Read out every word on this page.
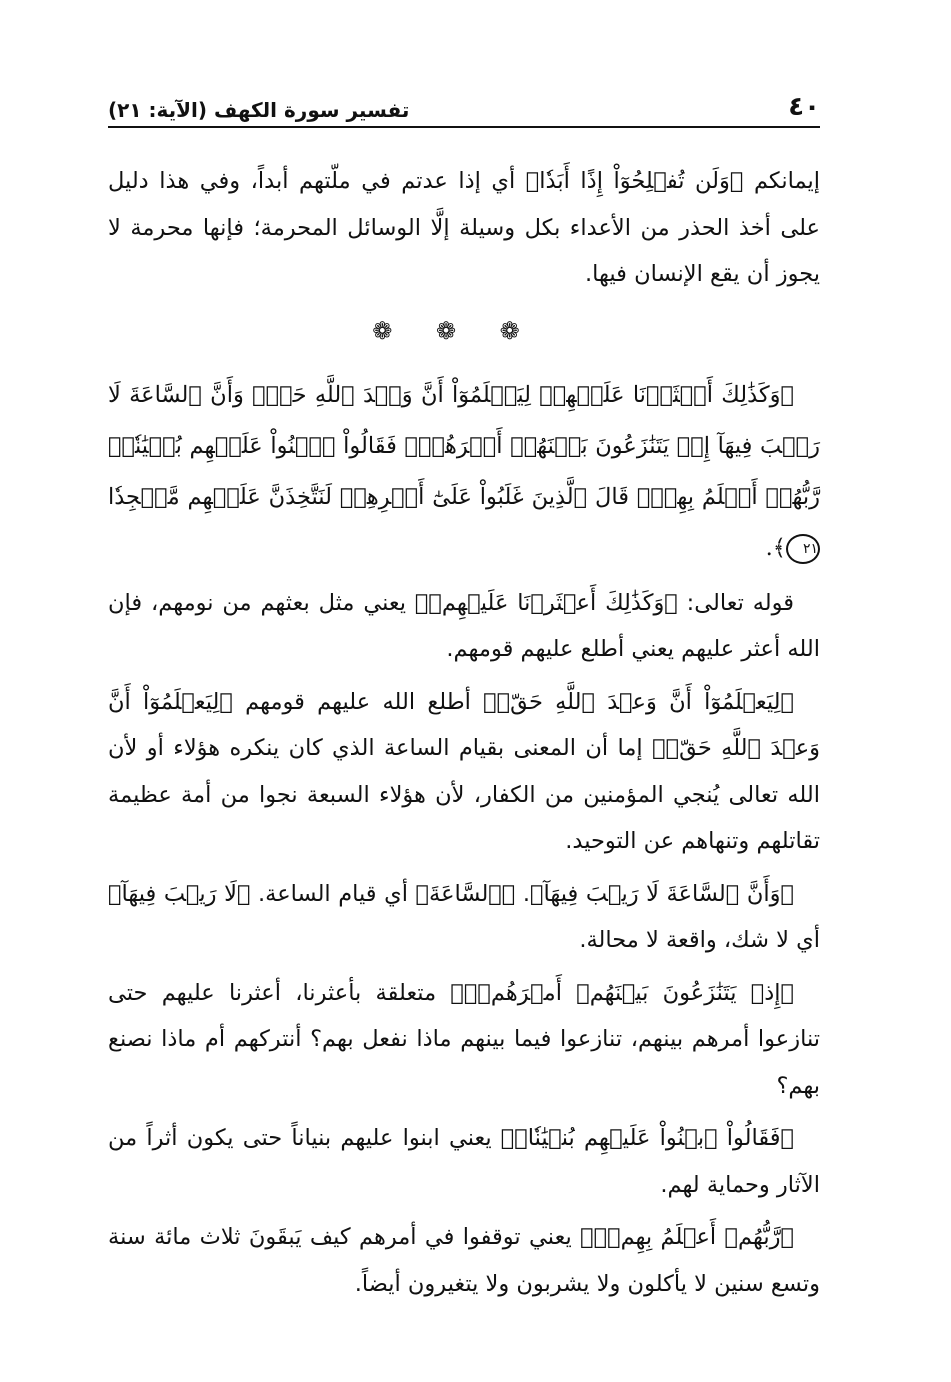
٤٠
تفسير سورة الكهف (الآية: ٢١)

إيمانكم ﴿وَلَن تُفۡلِحُوٓاْ إِذًا أَبَدٗا﴾ أي إذا عدتم في ملّتهم أبداً، وفي هذا دليل على أخذ الحذر من الأعداء بكل وسيلة إلَّا الوسائل المحرمة؛ فإنها محرمة لا يجوز أن يقع الإنسان فيها.

❁ ❁ ❁

﴿وَكَذَٰلِكَ أَعۡثَرۡنَا عَلَيۡهِمۡ لِيَعۡلَمُوٓاْ أَنَّ وَعۡدَ ٱللَّهِ حَقّٞ وَأَنَّ ٱلسَّاعَةَ لَا رَيۡبَ فِيهَآ إِذۡ يَتَنَٰزَعُونَ بَيۡنَهُمۡ أَمۡرَهُمۡۖ فَقَالُواْ ٱبۡنُواْ عَلَيۡهِم بُنۡيَٰنٗاۖ رَّبُّهُمۡ أَعۡلَمُ بِهِمۡۚ قَالَ ٱلَّذِينَ غَلَبُواْ عَلَىٰٓ أَمۡرِهِمۡ لَنَتَّخِذَنَّ عَلَيۡهِم مَّسۡجِدٗا ٢١﴾.

قوله تعالى: ﴿وَكَذَٰلِكَ أَعۡثَرۡنَا عَلَيۡهِمۡ﴾ يعني مثل بعثهم من نومهم، فإن الله أعثر عليهم يعني أطلع عليهم قومهم.

﴿لِيَعۡلَمُوٓاْ أَنَّ وَعۡدَ ٱللَّهِ حَقّٞ﴾ أطلع الله عليهم قومهم ﴿لِيَعۡلَمُوٓاْ أَنَّ وَعۡدَ ٱللَّهِ حَقّٞ﴾ إما أن المعنى بقيام الساعة الذي كان ينكره هؤلاء أو لأن الله تعالى يُنجي المؤمنين من الكفار، لأن هؤلاء السبعة نجوا من أمة عظيمة تقاتلهم وتنهاهم عن التوحيد.

﴿وَأَنَّ ٱلسَّاعَةَ لَا رَيۡبَ فِيهَآ﴾. ﴿ٱلسَّاعَةَ﴾ أي قيام الساعة. ﴿لَا رَيۡبَ فِيهَآ﴾ أي لا شك، واقعة لا محالة.

﴿إِذۡ يَتَنَٰزَعُونَ بَيۡنَهُمۡ أَمۡرَهُمۡۖ﴾ متعلقة بأعثرنا، أعثرنا عليهم حتى تنازعوا أمرهم بينهم، تنازعوا فيما بينهم ماذا نفعل بهم؟ أنتركهم أم ماذا نصنع بهم؟

﴿فَقَالُواْ ٱبۡنُواْ عَلَيۡهِم بُنۡيَٰنٗاۖ﴾ يعني ابنوا عليهم بنياناً حتى يكون أثراً من الآثار وحماية لهم.

﴿رَّبُّهُمۡ أَعۡلَمُ بِهِمۡۚ﴾ يعني توقفوا في أمرهم كيف يَبقَونَ ثلاث مائة سنة وتسع سنين لا يأكلون ولا يشربون ولا يتغيرون أيضاً.
